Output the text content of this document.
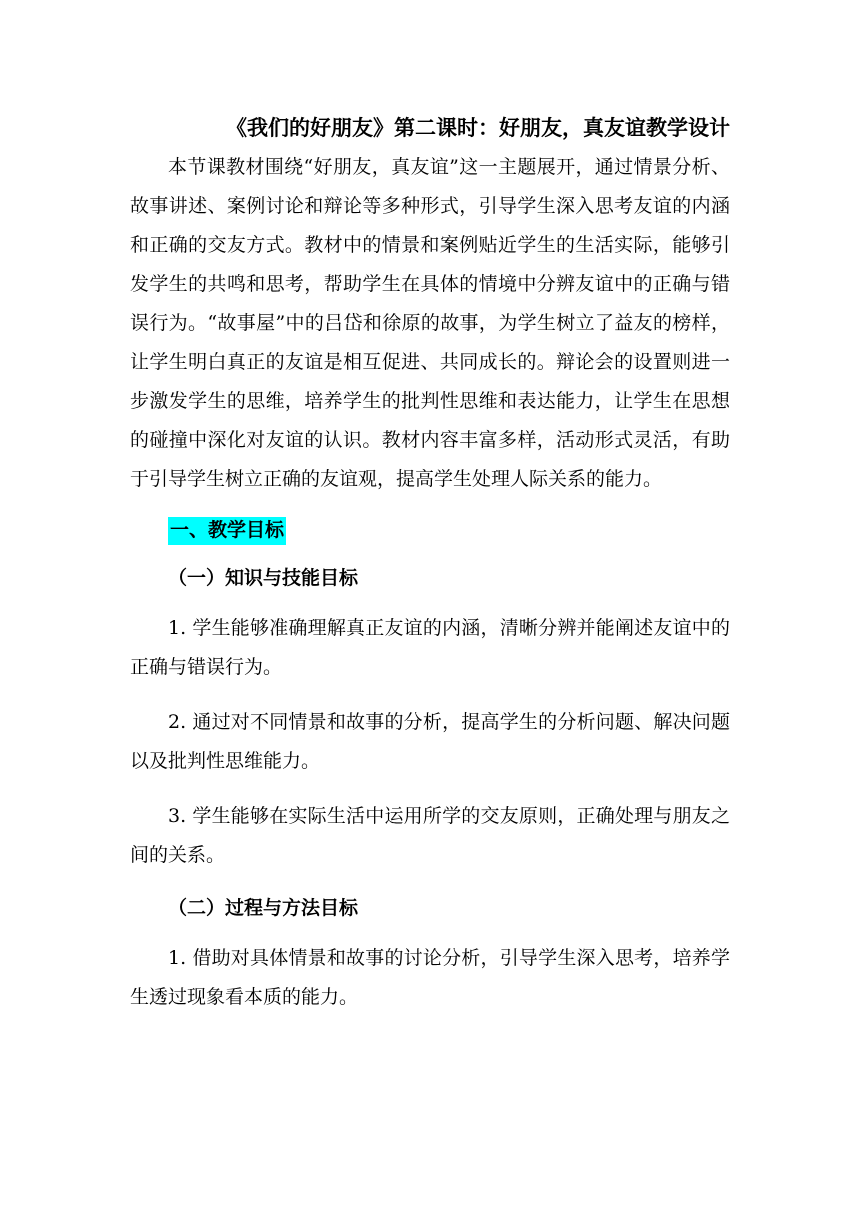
《我们的好朋友》第二课时：好朋友，真友谊教学设计

本节课教材围绕“好朋友，真友谊”这一主题展开，通过情景分析、故事讲述、案例讨论和辩论等多种形式，引导学生深入思考友谊的内涵和正确的交友方式。教材中的情景和案例贴近学生的生活实际，能够引发学生的共鸣和思考，帮助学生在具体的情境中分辨友谊中的正确与错误行为。“故事屋”中的吕岱和徐原的故事，为学生树立了益友的榜样，让学生明白真正的友谊是相互促进、共同成长的。辩论会的设置则进一步激发学生的思维，培养学生的批判性思维和表达能力，让学生在思想的碰撞中深化对友谊的认识。教材内容丰富多样，活动形式灵活，有助于引导学生树立正确的友谊观，提高学生处理人际关系的能力。

一、教学目标
（一）知识与技能目标

1. 学生能够准确理解真正友谊的内涵，清晰分辨并能阐述友谊中的正确与错误行为。

2. 通过对不同情景和故事的分析，提高学生的分析问题、解决问题以及批判性思维能力。

3. 学生能够在实际生活中运用所学的交友原则，正确处理与朋友之间的关系。

（二）过程与方法目标

1. 借助对具体情景和故事的讨论分析，引导学生深入思考，培养学生透过现象看本质的能力。
